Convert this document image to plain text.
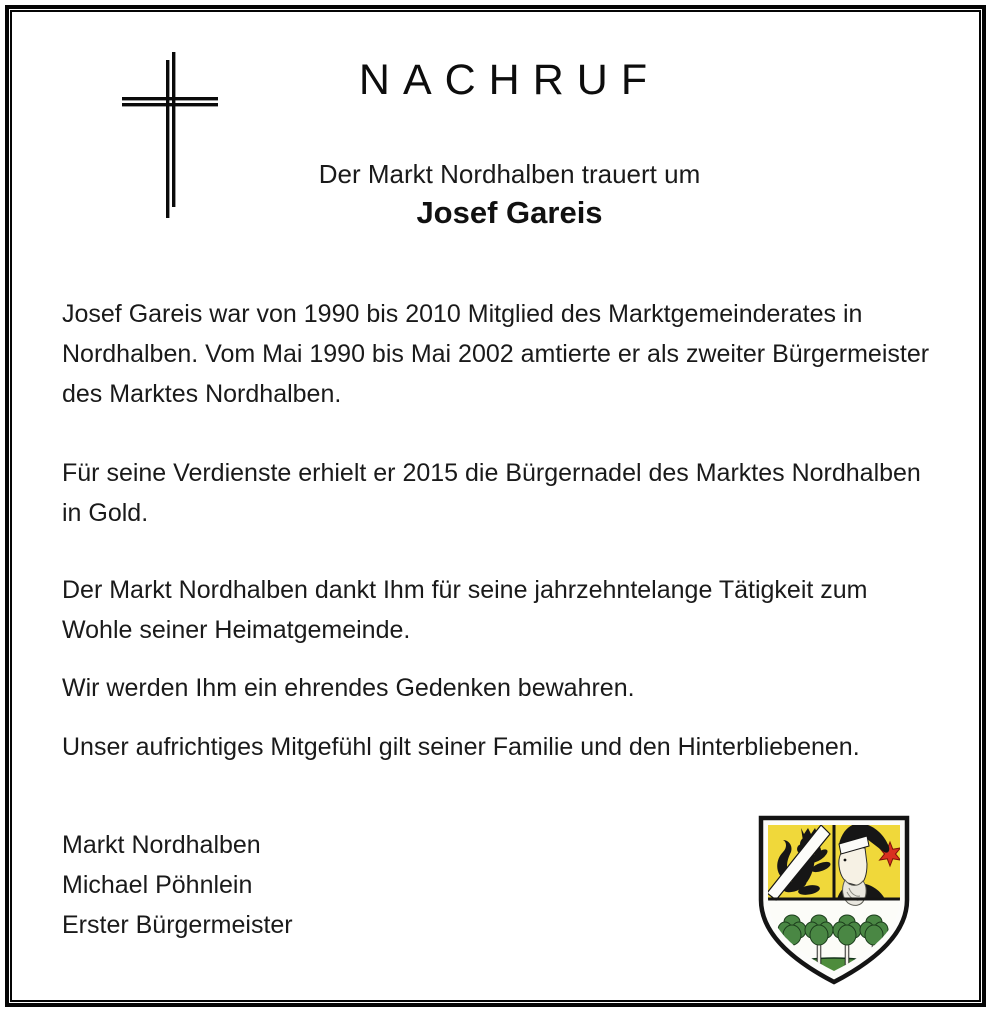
NACHRUF
Der Markt Nordhalben trauert um
Josef Gareis
Josef Gareis war von 1990 bis 2010 Mitglied des Marktgemeinderates in
Nordhalben. Vom Mai 1990 bis Mai 2002 amtierte er als zweiter Bürgermeister
des Marktes Nordhalben.
Für seine Verdienste erhielt er 2015 die Bürgernadel des Marktes Nordhalben
in Gold.
Der Markt Nordhalben dankt Ihm für seine jahrzehntelange Tätigkeit zum
Wohle seiner Heimatgemeinde.
Wir werden Ihm ein ehrendes Gedenken bewahren.
Unser aufrichtiges Mitgefühl gilt seiner Familie und den Hinterbliebenen.
Markt Nordhalben
Michael Pöhnlein
Erster Bürgermeister
